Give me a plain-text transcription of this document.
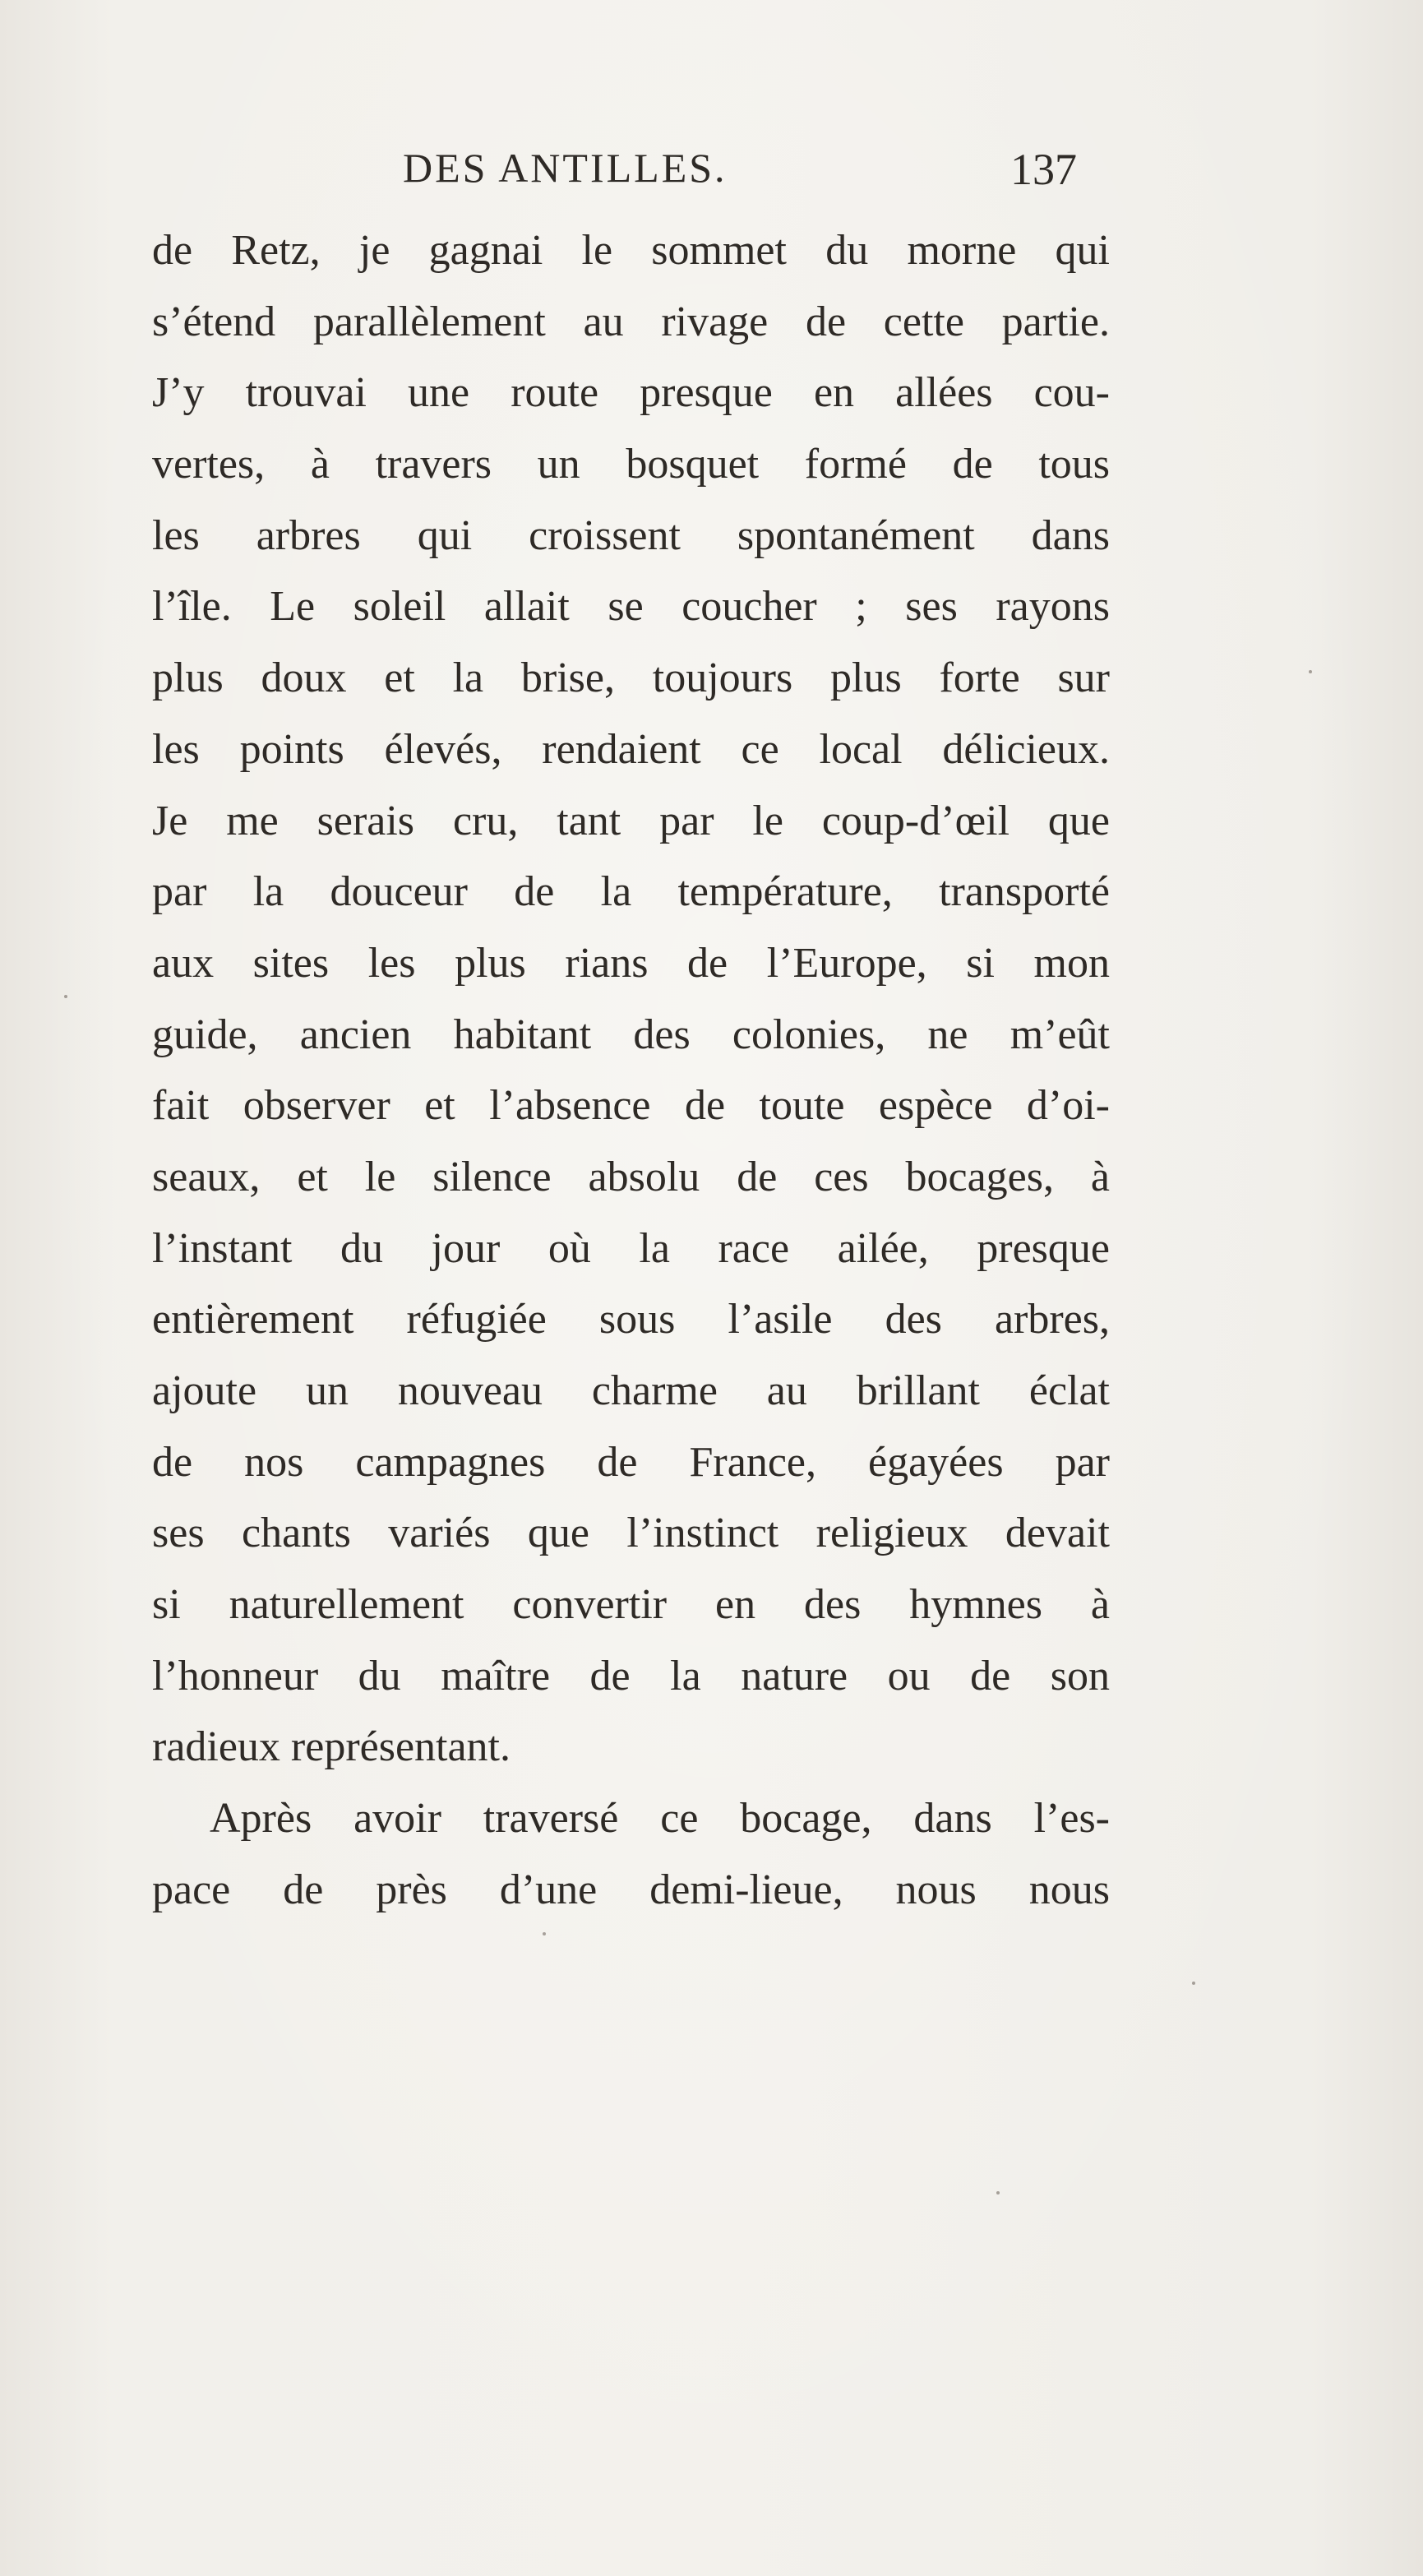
DES ANTILLES.	137
de Retz, je gagnai le sommet du morne qui
s’étend parallèlement au rivage de cette partie.
J’y trouvai une route presque en allées cou-
vertes, à travers un bosquet formé de tous
les arbres qui croissent spontanément dans
l’île. Le soleil allait se coucher ; ses rayons
plus doux et la brise, toujours plus forte sur
les points élevés, rendaient ce local délicieux.
Je me serais cru, tant par le coup-d’œil que
par la douceur de la température, transporté
aux sites les plus rians de l’Europe, si mon
guide, ancien habitant des colonies, ne m’eût
fait observer et l’absence de toute espèce d’oi-
seaux, et le silence absolu de ces bocages, à
l’instant du jour où la race ailée, presque
entièrement réfugiée sous l’asile des arbres,
ajoute un nouveau charme au brillant éclat
de nos campagnes de France, égayées par
ses chants variés que l’instinct religieux devait
si naturellement convertir en des hymnes à
l’honneur du maître de la nature ou de son
radieux représentant.
Après avoir traversé ce bocage, dans l’es-
pace de près d’une demi-lieue, nous nous
